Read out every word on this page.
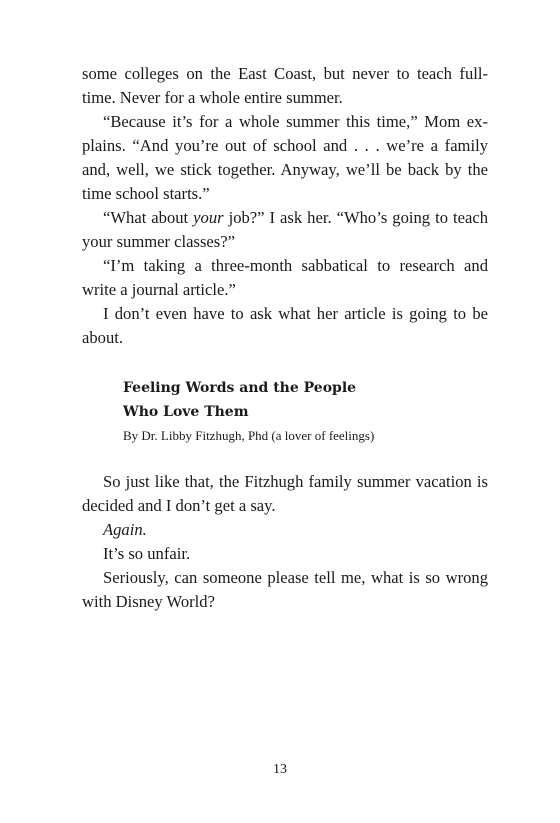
some colleges on the East Coast, but never to teach full-time. Never for a whole entire summer.

“Because it’s for a whole summer this time,” Mom explains. “And you’re out of school and . . . we’re a family and, well, we stick together. Anyway, we’ll be back by the time school starts.”

“What about your job?” I ask her. “Who’s going to teach your summer classes?”

“I’m taking a three-month sabbatical to research and write a journal article.”

I don’t even have to ask what her article is going to be about.

Feeling Words and the People Who Love Them
By Dr. Libby Fitzhugh, Phd (a lover of feelings)

So just like that, the Fitzhugh family summer vacation is decided and I don’t get a say.

Again.

It’s so unfair.

Seriously, can someone please tell me, what is so wrong with Disney World?

13
